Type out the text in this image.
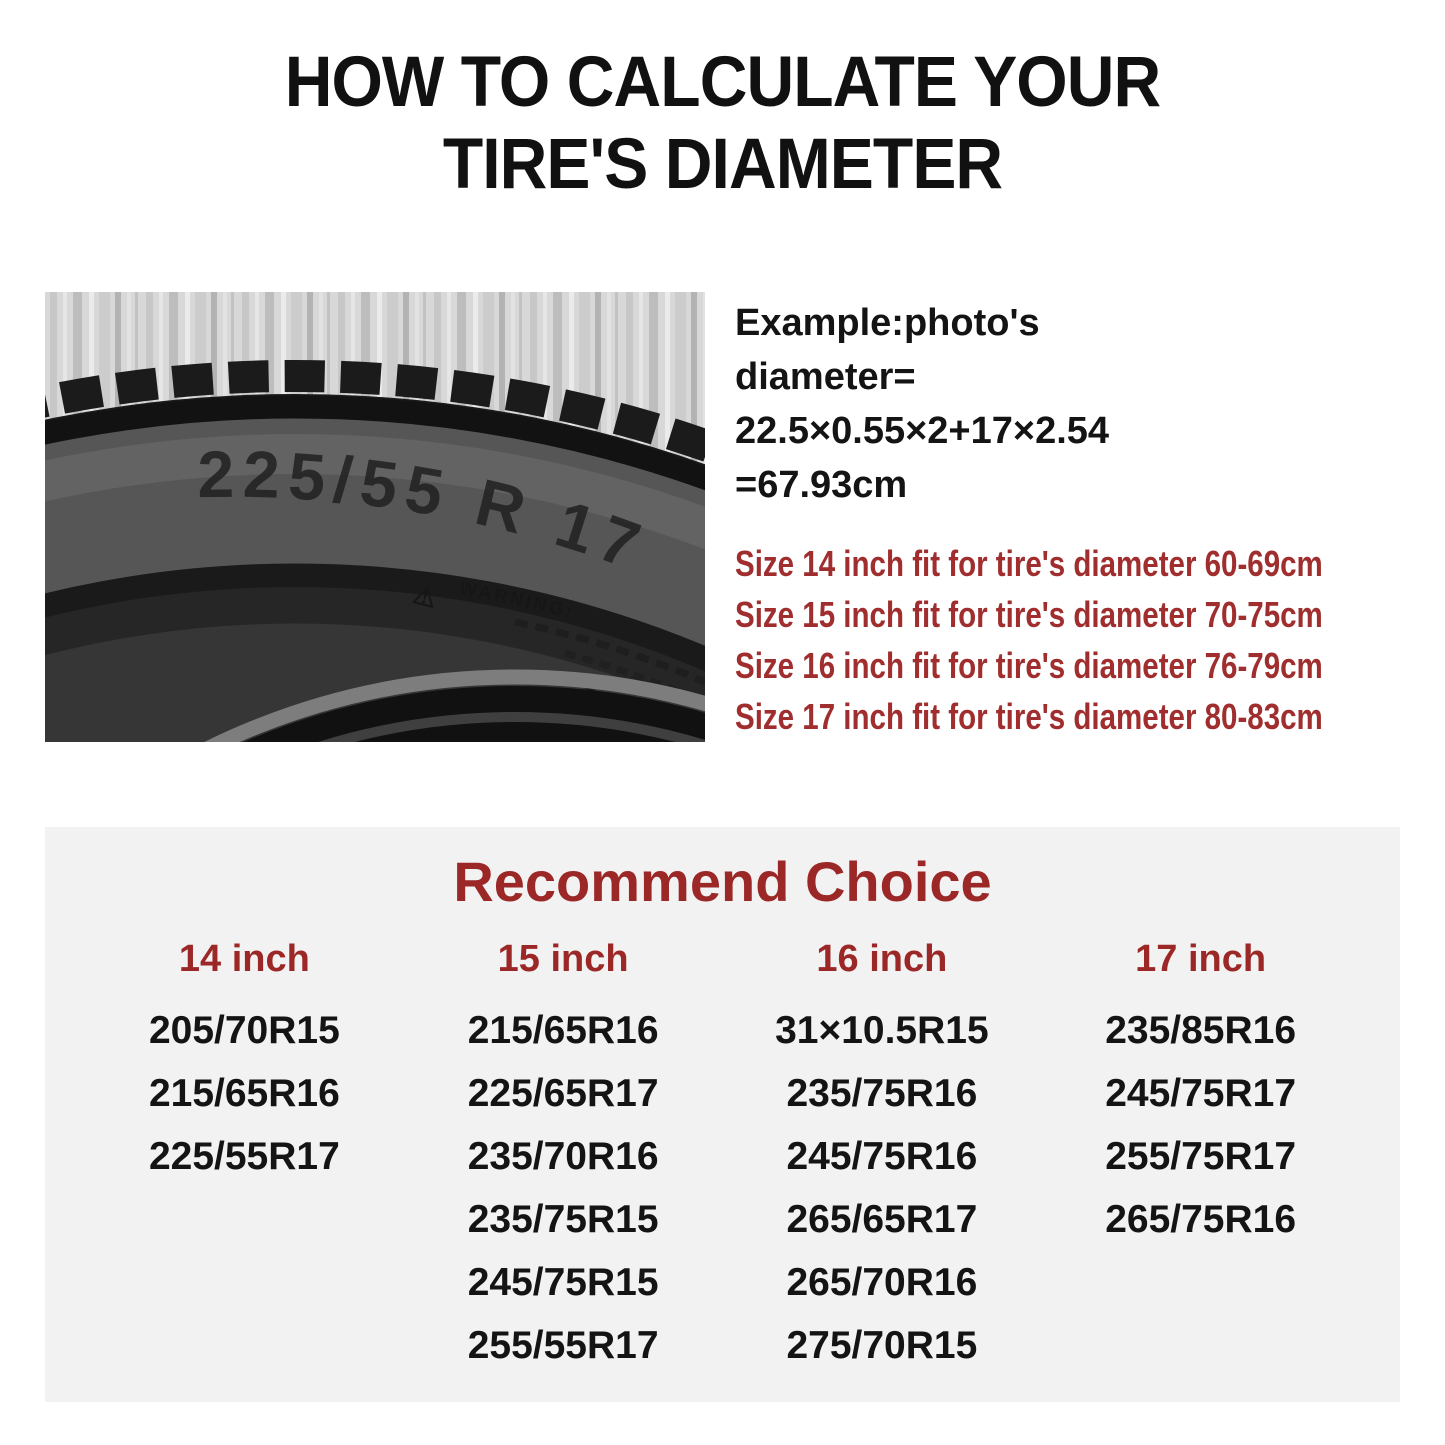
HOW TO CALCULATE YOUR
TIRE'S DIAMETER
225/55 R 17
⚠ WARNING:
Example:photo's
diameter=
22.5×0.55×2+17×2.54
=67.93cm
Size 14 inch fit for tire's diameter 60-69cm
Size 15 inch fit for tire's diameter 70-75cm
Size 16 inch fit for tire's diameter 76-79cm
Size 17 inch fit for tire's diameter 80-83cm
Recommend Choice
14 inch
205/70R15
215/65R16
225/55R17
15 inch
215/65R16
225/65R17
235/70R16
235/75R15
245/75R15
255/55R17
16 inch
31×10.5R15
235/75R16
245/75R16
265/65R17
265/70R16
275/70R15
17 inch
235/85R16
245/75R17
255/75R17
265/75R16
